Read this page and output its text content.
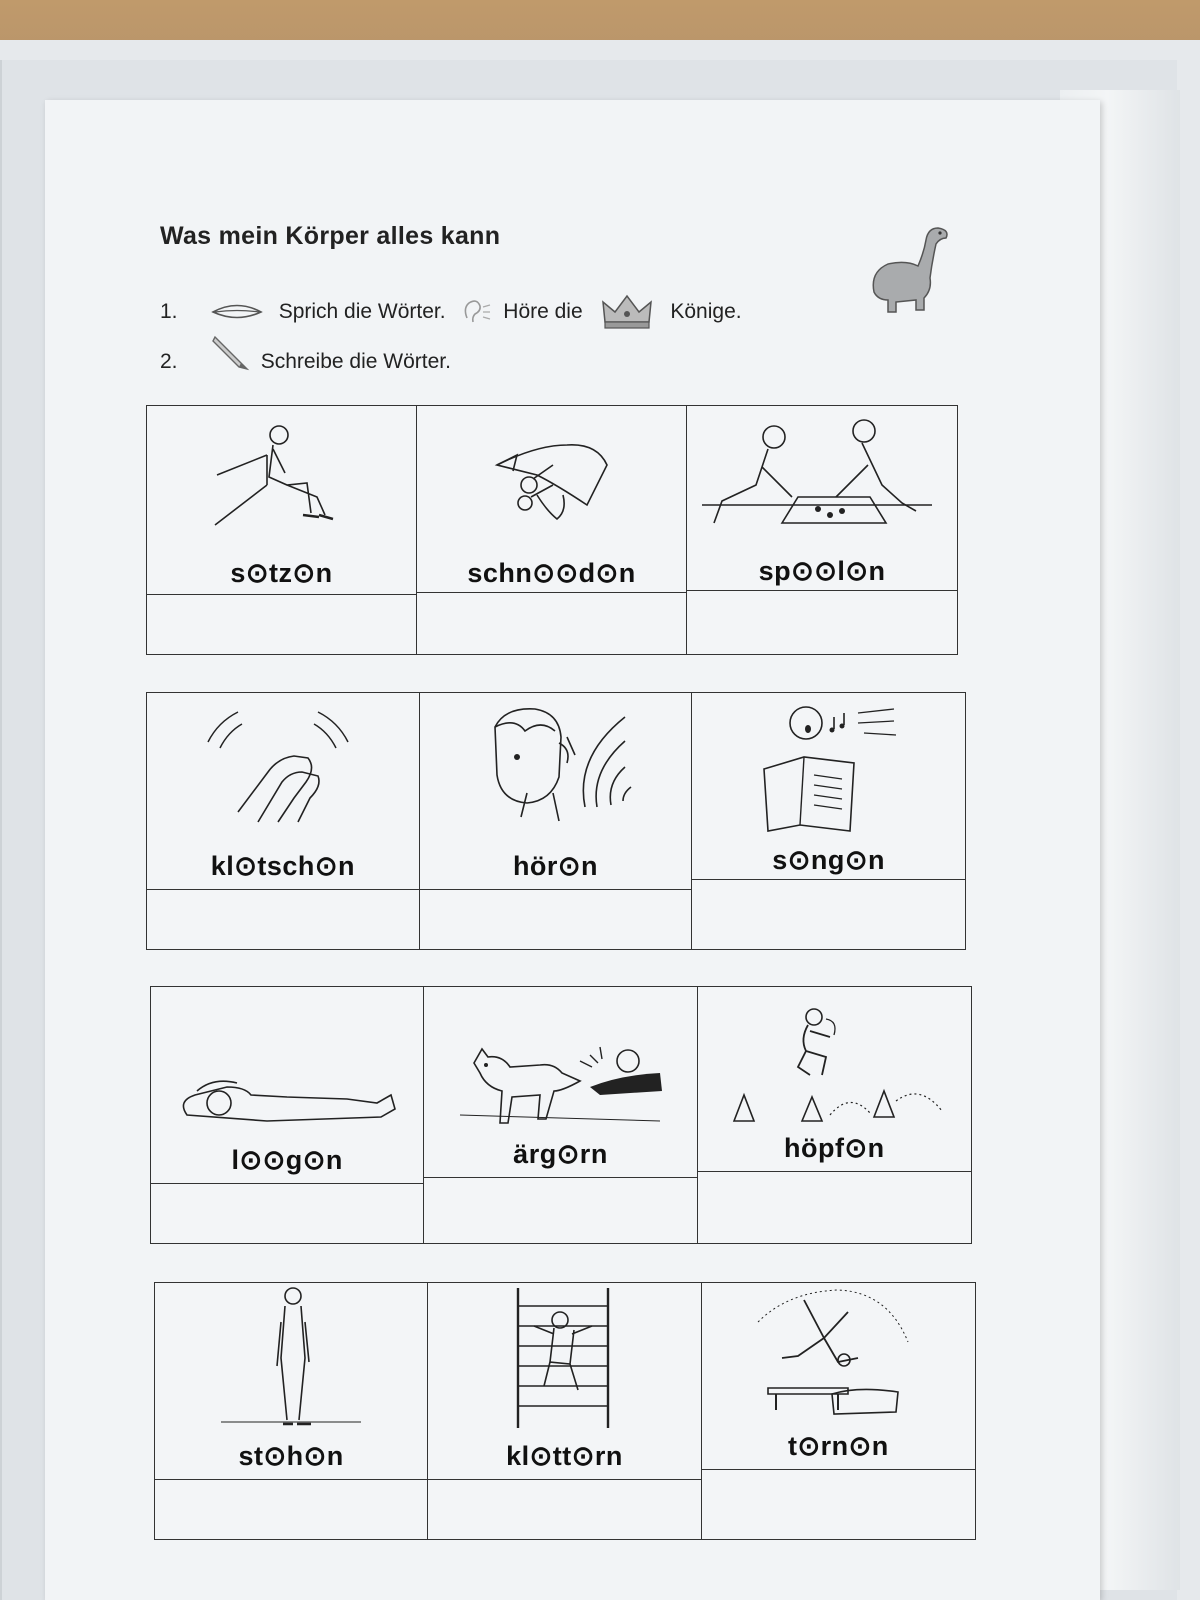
Was mein Körper alles kann
1.	Sprich die Wörter.	Höre die	Könige.
2.	Schreibe die Wörter.
s⊙tz⊙n	schn⊙⊙d⊙n	sp⊙⊙l⊙n
kl⊙tsch⊙n	hör⊙n	s⊙ng⊙n
l⊙⊙g⊙n	ärg⊙rn	höpf⊙n
st⊙h⊙n	kl⊙tt⊙rn	t⊙rn⊙n
